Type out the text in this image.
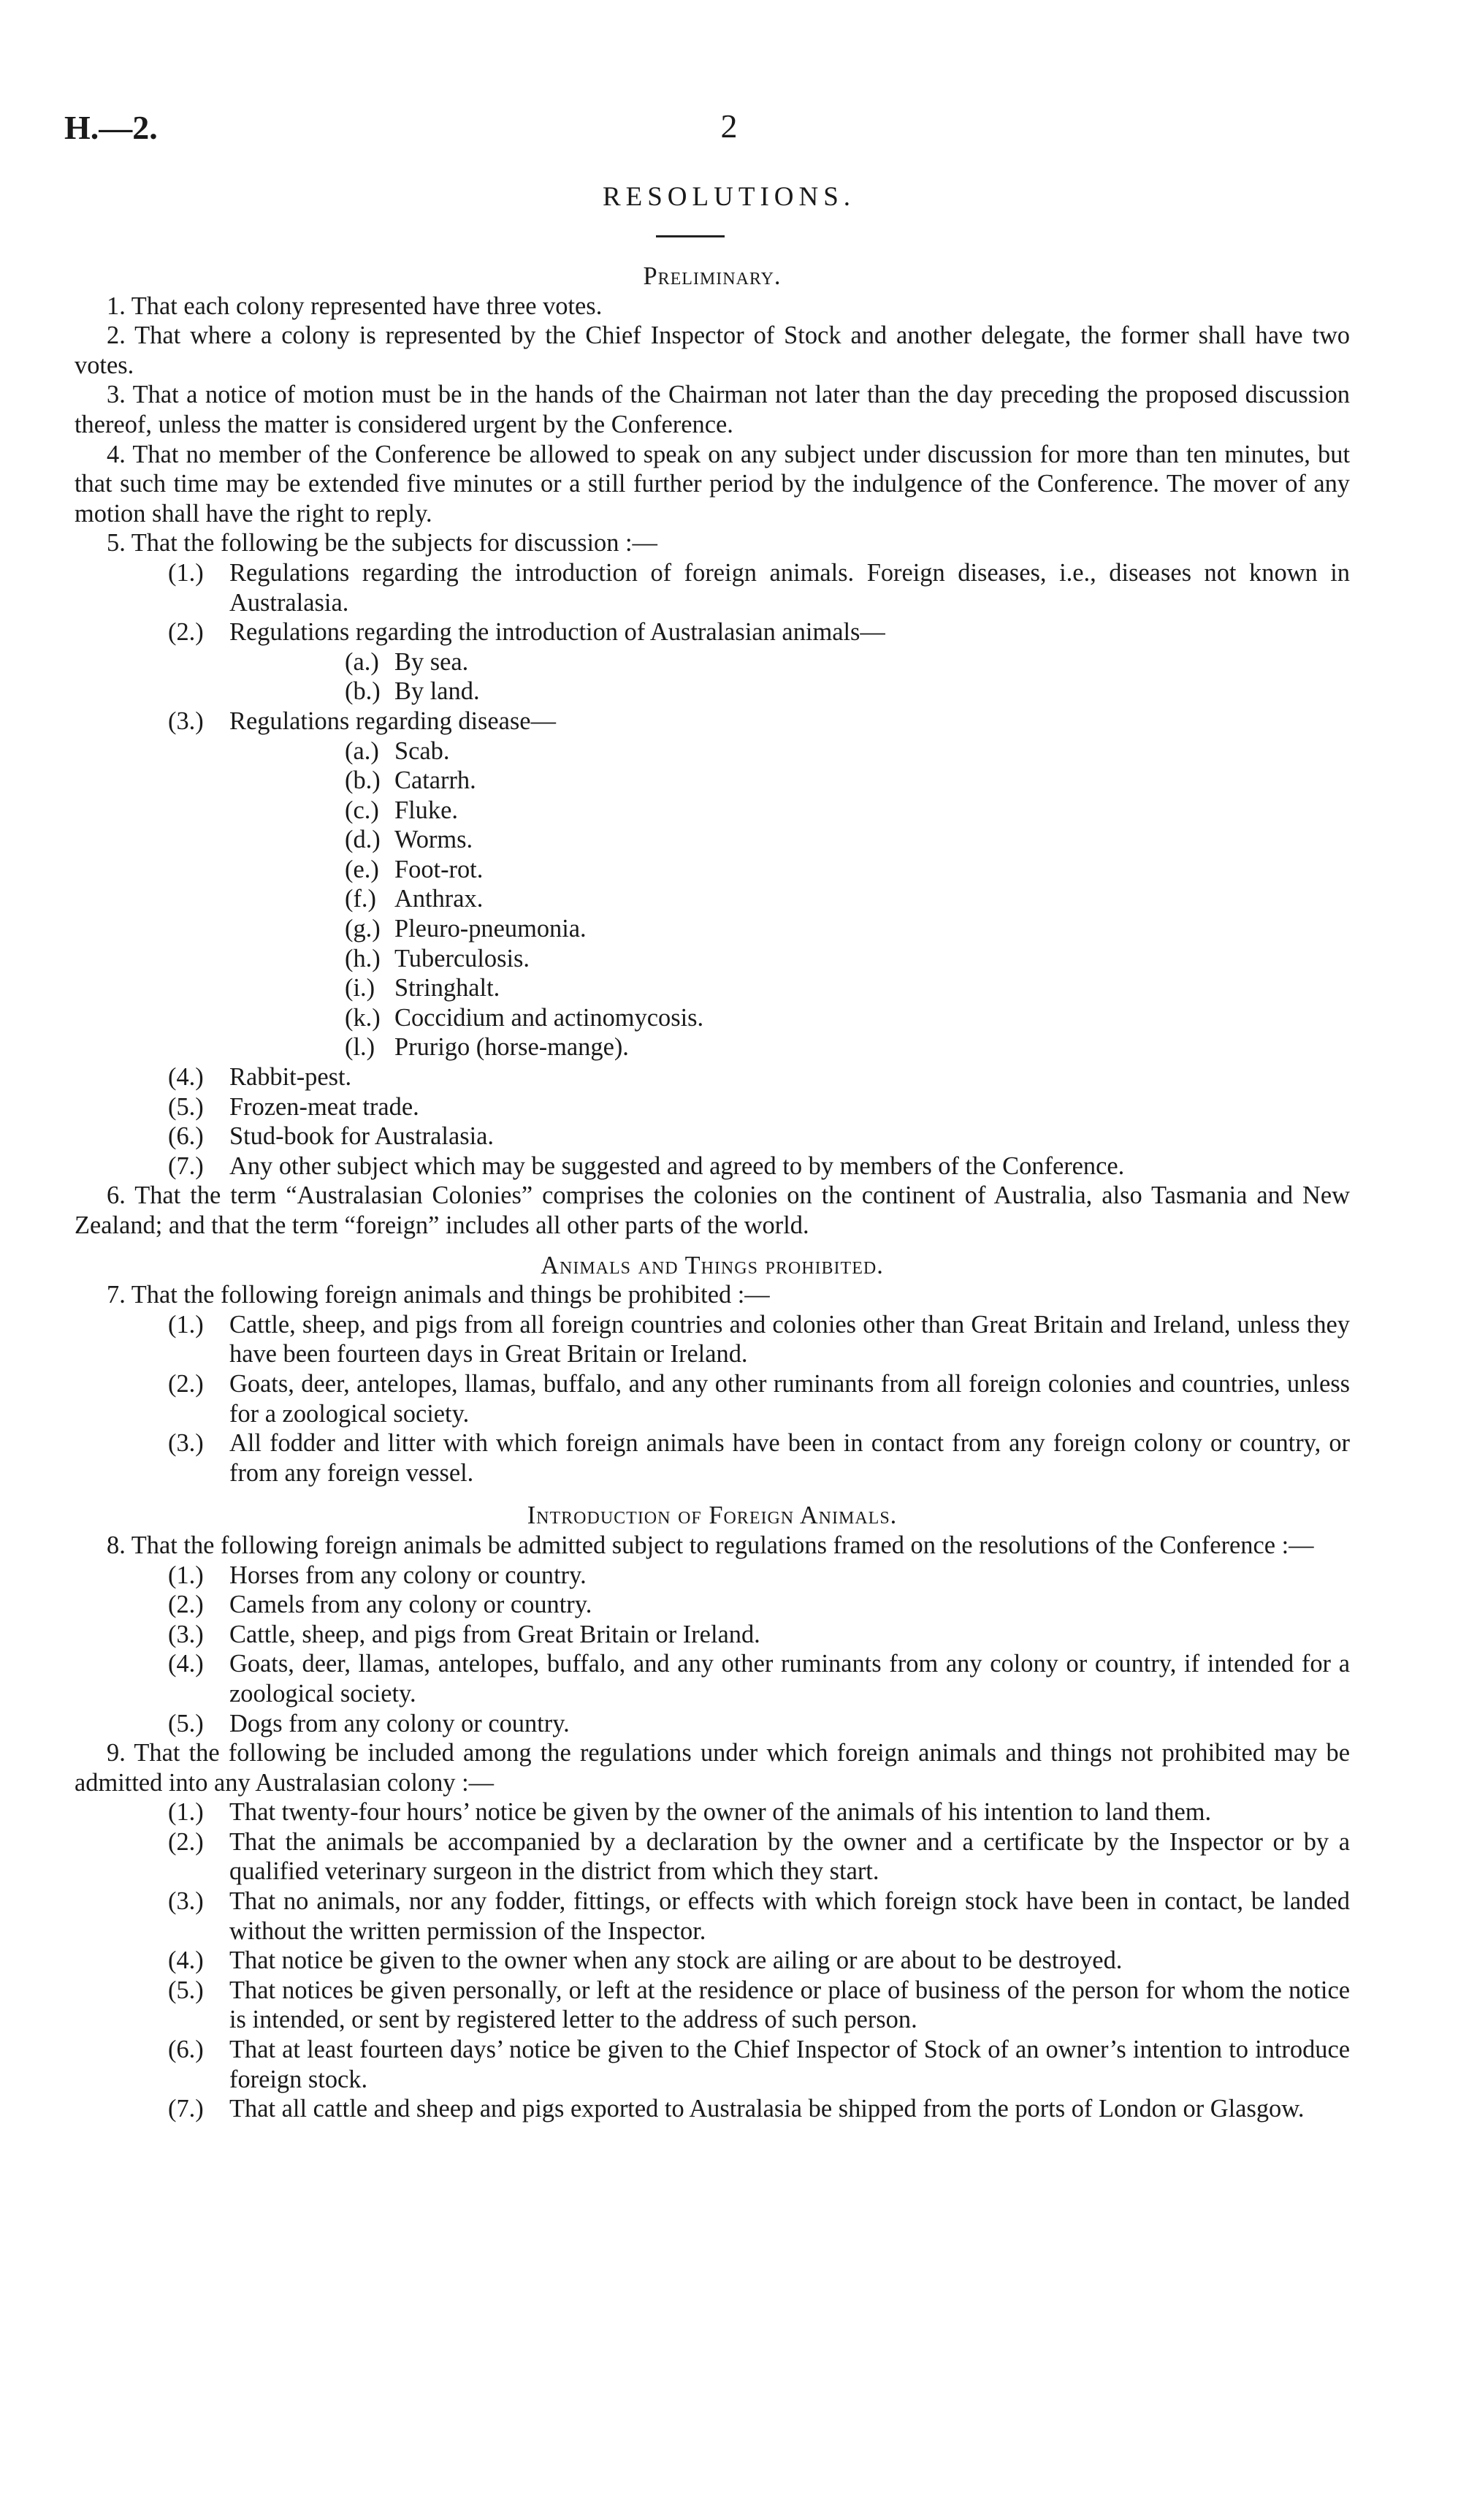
H.—2.	2
RESOLUTIONS.

Preliminary.

1. That each colony represented have three votes.

2. That where a colony is represented by the Chief Inspector of Stock and another delegate, the former shall have two votes.

3. That a notice of motion must be in the hands of the Chairman not later than the day preceding the proposed discussion thereof, unless the matter is considered urgent by the Conference.

4. That no member of the Conference be allowed to speak on any subject under discussion for more than ten minutes, but that such time may be extended five minutes or a still further period by the indulgence of the Conference. The mover of any motion shall have the right to reply.

5. That the following be the subjects for discussion :—

(1.) Regulations regarding the introduction of foreign animals. Foreign diseases, i.e., diseases not known in Australasia.

(2.) Regulations regarding the introduction of Australasian animals—

(a.) By sea.

(b.) By land.

(3.) Regulations regarding disease—

(a.) Scab.

(b.) Catarrh.

(c.) Fluke.

(d.) Worms.

(e.) Foot-rot.

(f.) Anthrax.

(g.) Pleuro-pneumonia.

(h.) Tuberculosis.

(i.) Stringhalt.

(k.) Coccidium and actinomycosis.

(l.) Prurigo (horse-mange).

(4.) Rabbit-pest.

(5.) Frozen-meat trade.

(6.) Stud-book for Australasia.

(7.) Any other subject which may be suggested and agreed to by members of the Conference.

6. That the term “Australasian Colonies” comprises the colonies on the continent of Australia, also Tasmania and New Zealand; and that the term “foreign” includes all other parts of the world.

Animals and Things prohibited.

7. That the following foreign animals and things be prohibited :—

(1.) Cattle, sheep, and pigs from all foreign countries and colonies other than Great Britain and Ireland, unless they have been fourteen days in Great Britain or Ireland.

(2.) Goats, deer, antelopes, llamas, buffalo, and any other ruminants from all foreign colonies and countries, unless for a zoological society.

(3.) All fodder and litter with which foreign animals have been in contact from any foreign colony or country, or from any foreign vessel.

Introduction of Foreign Animals.

8. That the following foreign animals be admitted subject to regulations framed on the resolutions of the Conference :—

(1.) Horses from any colony or country.

(2.) Camels from any colony or country.

(3.) Cattle, sheep, and pigs from Great Britain or Ireland.

(4.) Goats, deer, llamas, antelopes, buffalo, and any other ruminants from any colony or country, if intended for a zoological society.

(5.) Dogs from any colony or country.

9. That the following be included among the regulations under which foreign animals and things not prohibited may be admitted into any Australasian colony :—

(1.) That twenty-four hours’ notice be given by the owner of the animals of his intention to land them.

(2.) That the animals be accompanied by a declaration by the owner and a certificate by the Inspector or by a qualified veterinary surgeon in the district from which they start.

(3.) That no animals, nor any fodder, fittings, or effects with which foreign stock have been in contact, be landed without the written permission of the Inspector.

(4.) That notice be given to the owner when any stock are ailing or are about to be destroyed.

(5.) That notices be given personally, or left at the residence or place of business of the person for whom the notice is intended, or sent by registered letter to the address of such person.

(6.) That at least fourteen days’ notice be given to the Chief Inspector of Stock of an owner’s intention to introduce foreign stock.

(7.) That all cattle and sheep and pigs exported to Australasia be shipped from the ports of London or Glasgow.
